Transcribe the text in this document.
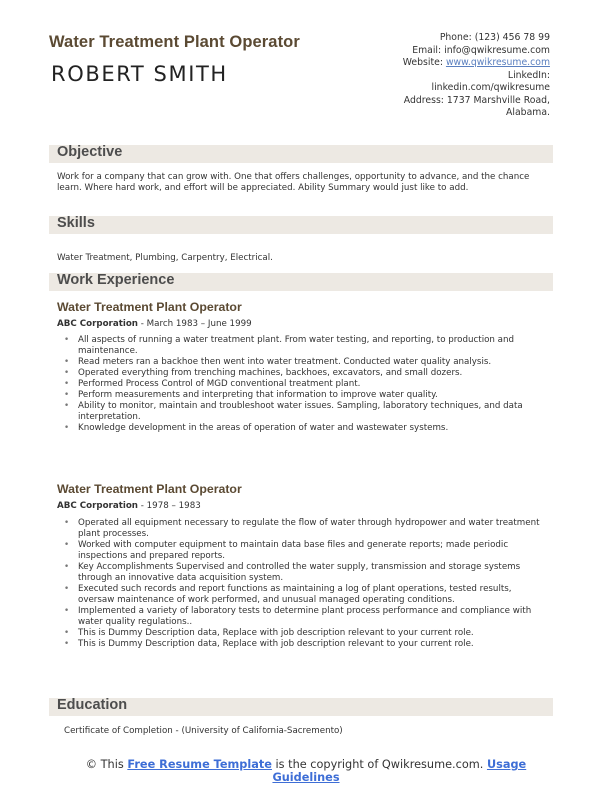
Water Treatment Plant Operator
ROBERT SMITH
Phone: (123) 456 78 99
Email: info@qwikresume.com
Website: www.qwikresume.com
LinkedIn:
linkedin.com/qwikresume
Address: 1737 Marshville Road,
Alabama.
Objective
Work for a company that can grow with. One that offers challenges, opportunity to advance, and the chance learn. Where hard work, and effort will be appreciated. Ability Summary would just like to add.
Skills
Water Treatment, Plumbing, Carpentry, Electrical.
Work Experience
Water Treatment Plant Operator
ABC Corporation - March 1983 – June 1999
• All aspects of running a water treatment plant. From water testing, and reporting, to production and maintenance.
• Read meters ran a backhoe then went into water treatment. Conducted water quality analysis.
• Operated everything from trenching machines, backhoes, excavators, and small dozers.
• Performed Process Control of MGD conventional treatment plant.
• Perform measurements and interpreting that information to improve water quality.
• Ability to monitor, maintain and troubleshoot water issues. Sampling, laboratory techniques, and data interpretation.
• Knowledge development in the areas of operation of water and wastewater systems.
Water Treatment Plant Operator
ABC Corporation - 1978 – 1983
• Operated all equipment necessary to regulate the flow of water through hydropower and water treatment plant processes.
• Worked with computer equipment to maintain data base files and generate reports; made periodic inspections and prepared reports.
• Key Accomplishments Supervised and controlled the water supply, transmission and storage systems through an innovative data acquisition system.
• Executed such records and report functions as maintaining a log of plant operations, tested results, oversaw maintenance of work performed, and unusual managed operating conditions.
• Implemented a variety of laboratory tests to determine plant process performance and compliance with water quality regulations..
• This is Dummy Description data, Replace with job description relevant to your current role.
• This is Dummy Description data, Replace with job description relevant to your current role.
Education
Certificate of Completion - (University of California-Sacremento)
© This Free Resume Template is the copyright of Qwikresume.com. Usage
Guidelines
